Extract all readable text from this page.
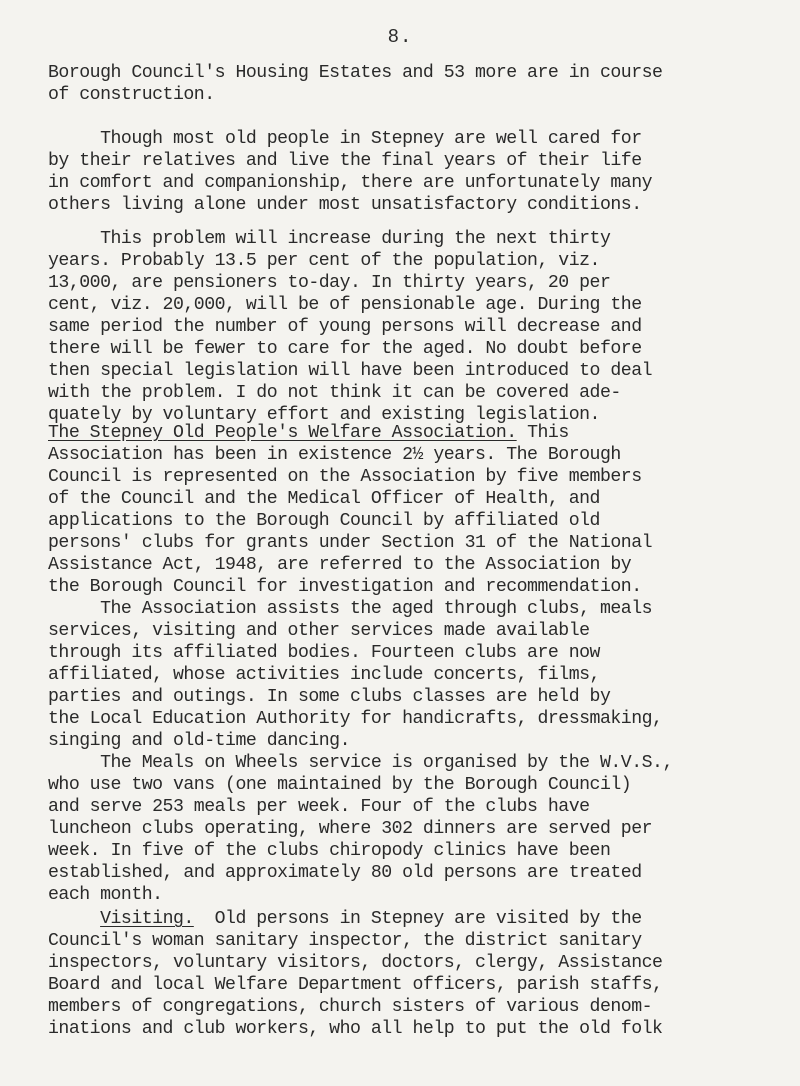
8.
Borough Council's Housing Estates and 53 more are in course
of construction.
Though most old people in Stepney are well cared for
by their relatives and live the final years of their life
in comfort and companionship, there are unfortunately many
others living alone under most unsatisfactory conditions.
This problem will increase during the next thirty
years. Probably 13.5 per cent of the population, viz.
13,000, are pensioners to-day. In thirty years, 20 per
cent, viz. 20,000, will be of pensionable age. During the
same period the number of young persons will decrease and
there will be fewer to care for the aged. No doubt before
then special legislation will have been introduced to deal
with the problem. I do not think it can be covered ade-
quately by voluntary effort and existing legislation.
The Stepney Old People's Welfare Association. This
Association has been in existence 2½ years. The Borough
Council is represented on the Association by five members
of the Council and the Medical Officer of Health, and
applications to the Borough Council by affiliated old
persons' clubs for grants under Section 31 of the National
Assistance Act, 1948, are referred to the Association by
the Borough Council for investigation and recommendation.
The Association assists the aged through clubs, meals
services, visiting and other services made available
through its affiliated bodies. Fourteen clubs are now
affiliated, whose activities include concerts, films,
parties and outings. In some clubs classes are held by
the Local Education Authority for handicrafts, dressmaking,
singing and old-time dancing.
The Meals on Wheels service is organised by the W.V.S.,
who use two vans (one maintained by the Borough Council)
and serve 253 meals per week. Four of the clubs have
luncheon clubs operating, where 302 dinners are served per
week. In five of the clubs chiropody clinics have been
established, and approximately 80 old persons are treated
each month.
Visiting.  Old persons in Stepney are visited by the
Council's woman sanitary inspector, the district sanitary
inspectors, voluntary visitors, doctors, clergy, Assistance
Board and local Welfare Department officers, parish staffs,
members of congregations, church sisters of various denom-
inations and club workers, who all help to put the old folk
